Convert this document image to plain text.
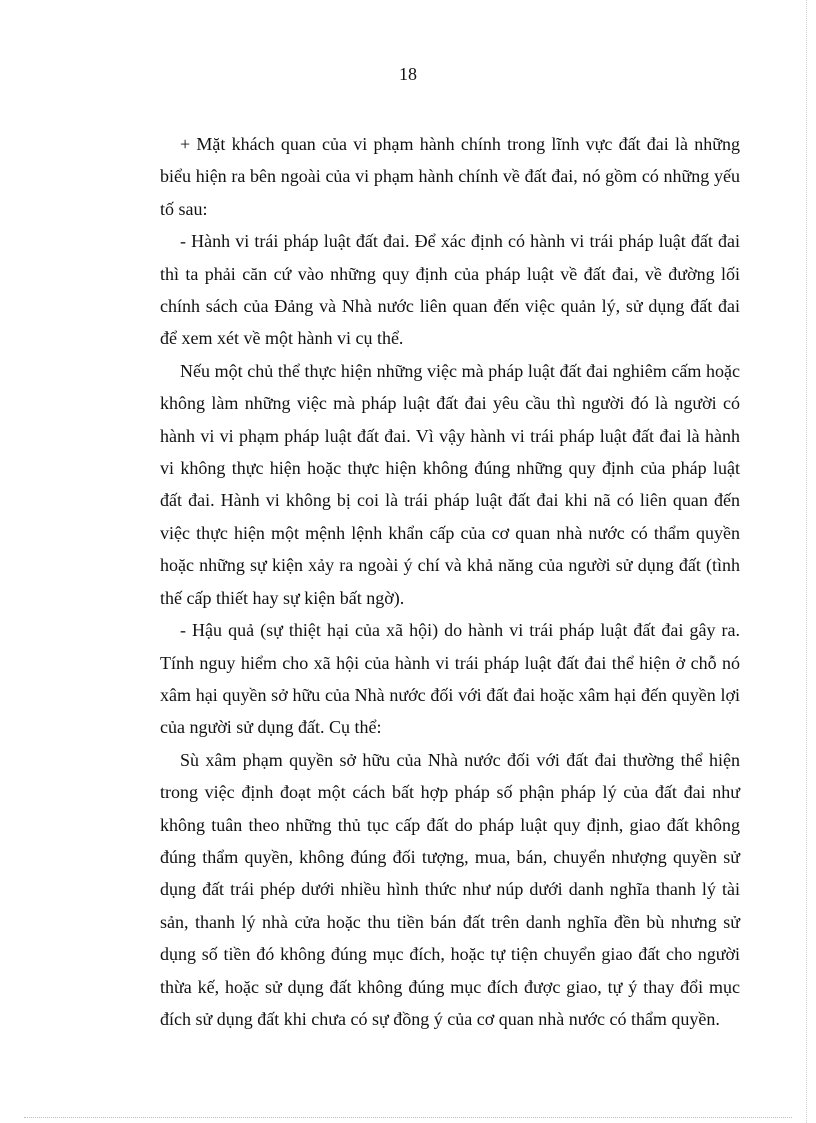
18

+ Mặt khách quan của vi phạm hành chính trong lĩnh vực đất đai là những biểu hiện ra bên ngoài của vi phạm hành chính về đất đai, nó gồm có những yếu tố sau:

- Hành vi trái pháp luật đất đai. Để xác định có hành vi trái pháp luật đất đai thì ta phải căn cứ vào những quy định của pháp luật về đất đai, về đường lối chính sách của Đảng và Nhà nước liên quan đến việc quản lý, sử dụng đất đai để xem xét về một hành vi cụ thể.

Nếu một chủ thể thực hiện những việc mà pháp luật đất đai nghiêm cấm hoặc không làm những việc mà pháp luật đất đai yêu cầu thì người đó là người có hành vi vi phạm pháp luật đất đai. Vì vậy hành vi trái pháp luật đất đai là hành vi không thực hiện hoặc thực hiện không đúng những quy định của pháp luật đất đai. Hành vi không bị coi là trái pháp luật đất đai khi nã có liên quan đến việc thực hiện một mệnh lệnh khẩn cấp của cơ quan nhà nước có thẩm quyền hoặc những sự kiện xảy ra ngoài ý chí và khả năng của người sử dụng đất (tình thế cấp thiết hay sự kiện bất ngờ).

- Hậu quả (sự thiệt hại của xã hội) do hành vi trái pháp luật đất đai gây ra. Tính nguy hiểm cho xã hội của hành vi trái pháp luật đất đai thể hiện ở chỗ nó xâm hại quyền sở hữu của Nhà nước đối với đất đai hoặc xâm hại đến quyền lợi của người sử dụng đất. Cụ thể:

Sù xâm phạm quyền sở hữu của Nhà nước đối với đất đai thường thể hiện trong việc định đoạt một cách bất hợp pháp số phận pháp lý của đất đai như không tuân theo những thủ tục cấp đất do pháp luật quy định, giao đất không đúng thẩm quyền, không đúng đối tượng, mua, bán, chuyển nhượng quyền sử dụng đất trái phép dưới nhiều hình thức như núp dưới danh nghĩa thanh lý tài sản, thanh lý nhà cửa hoặc thu tiền bán đất trên danh nghĩa đền bù nhưng sử dụng số tiền đó không đúng mục đích, hoặc tự tiện chuyển giao đất cho người thừa kế, hoặc sử dụng đất không đúng mục đích được giao, tự ý thay đổi mục đích sử dụng đất khi chưa có sự đồng ý của cơ quan nhà nước có thẩm quyền.
